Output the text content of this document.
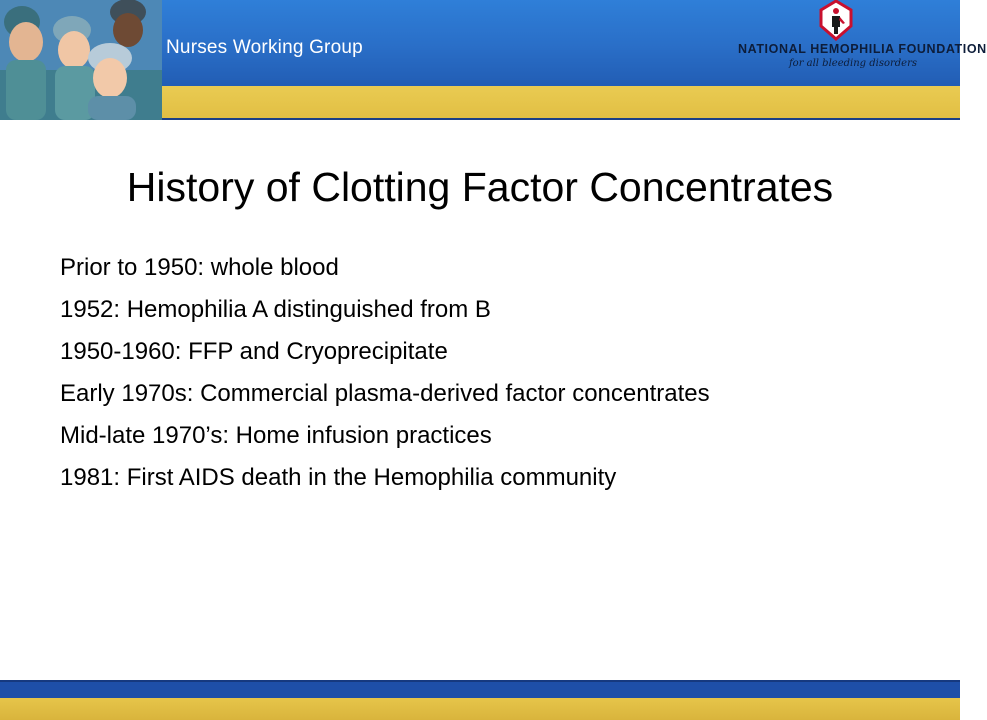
Nurses Working Group	NATIONAL HEMOPHILIA FOUNDATION
for all bleeding disorders
History of Clotting Factor Concentrates
Prior to 1950: whole blood
1952: Hemophilia A distinguished from B
1950-1960: FFP and Cryoprecipitate
Early 1970s: Commercial plasma-derived factor concentrates
Mid-late 1970’s: Home infusion practices
1981: First AIDS death in the Hemophilia community
